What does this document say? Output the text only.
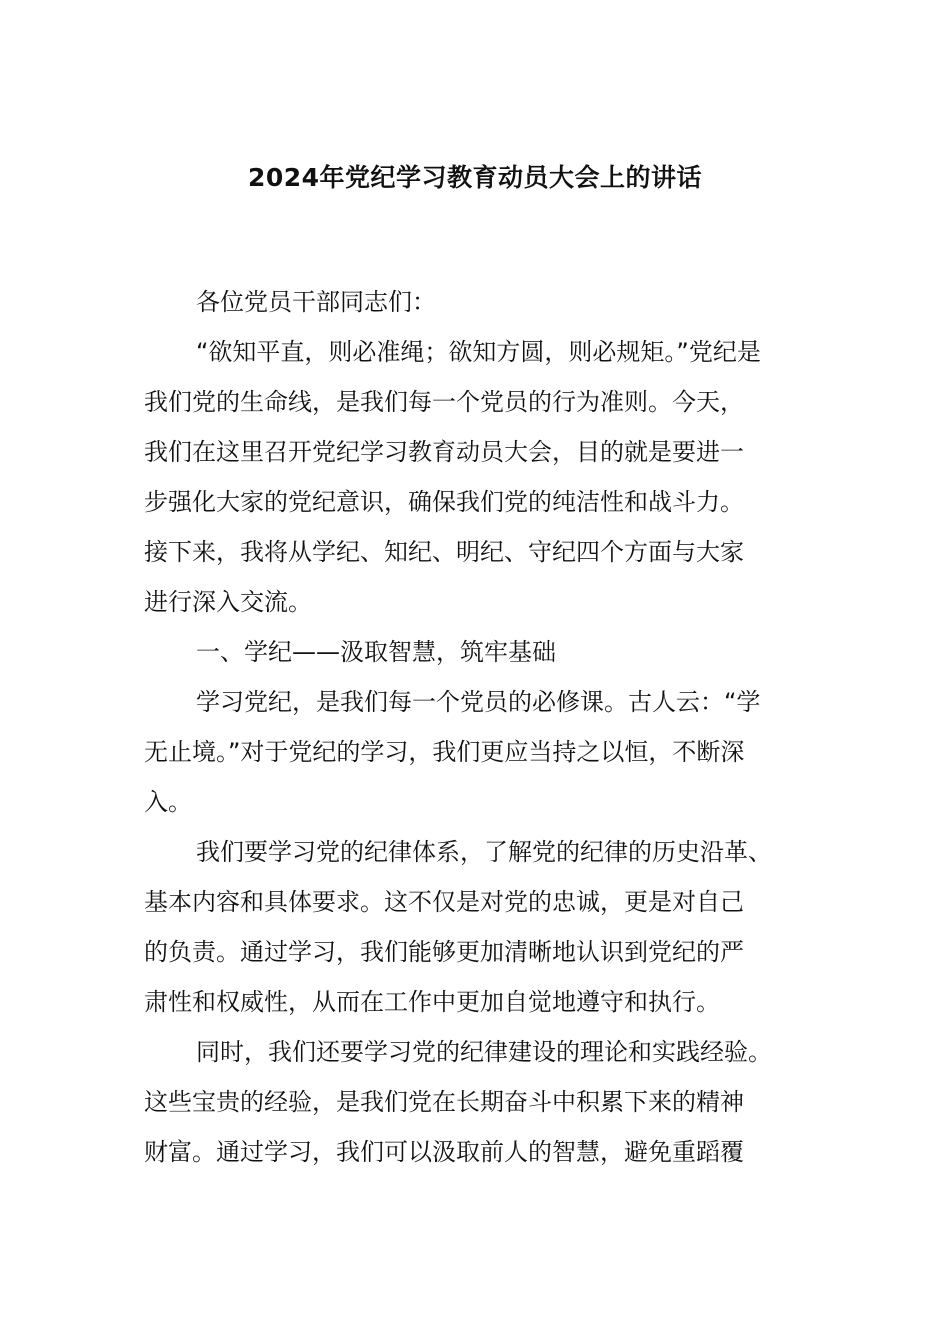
2024年党纪学习教育动员大会上的讲话

各位党员干部同志们：

“欲知平直，则必准绳；欲知方圆，则必规矩。”党纪是
我们党的生命线，是我们每一个党员的行为准则。今天，
我们在这里召开党纪学习教育动员大会，目的就是要进一
步强化大家的党纪意识，确保我们党的纯洁性和战斗力。
接下来，我将从学纪、知纪、明纪、守纪四个方面与大家
进行深入交流。
一、学纪——汲取智慧，筑牢基础
学习党纪，是我们每一个党员的必修课。古人云：“学
无止境。”对于党纪的学习，我们更应当持之以恒，不断深
入。
我们要学习党的纪律体系，了解党的纪律的历史沿革、
基本内容和具体要求。这不仅是对党的忠诚，更是对自己
的负责。通过学习，我们能够更加清晰地认识到党纪的严
肃性和权威性，从而在工作中更加自觉地遵守和执行。
同时，我们还要学习党的纪律建设的理论和实践经验。
这些宝贵的经验，是我们党在长期奋斗中积累下来的精神
财富。通过学习，我们可以汲取前人的智慧，避免重蹈覆
